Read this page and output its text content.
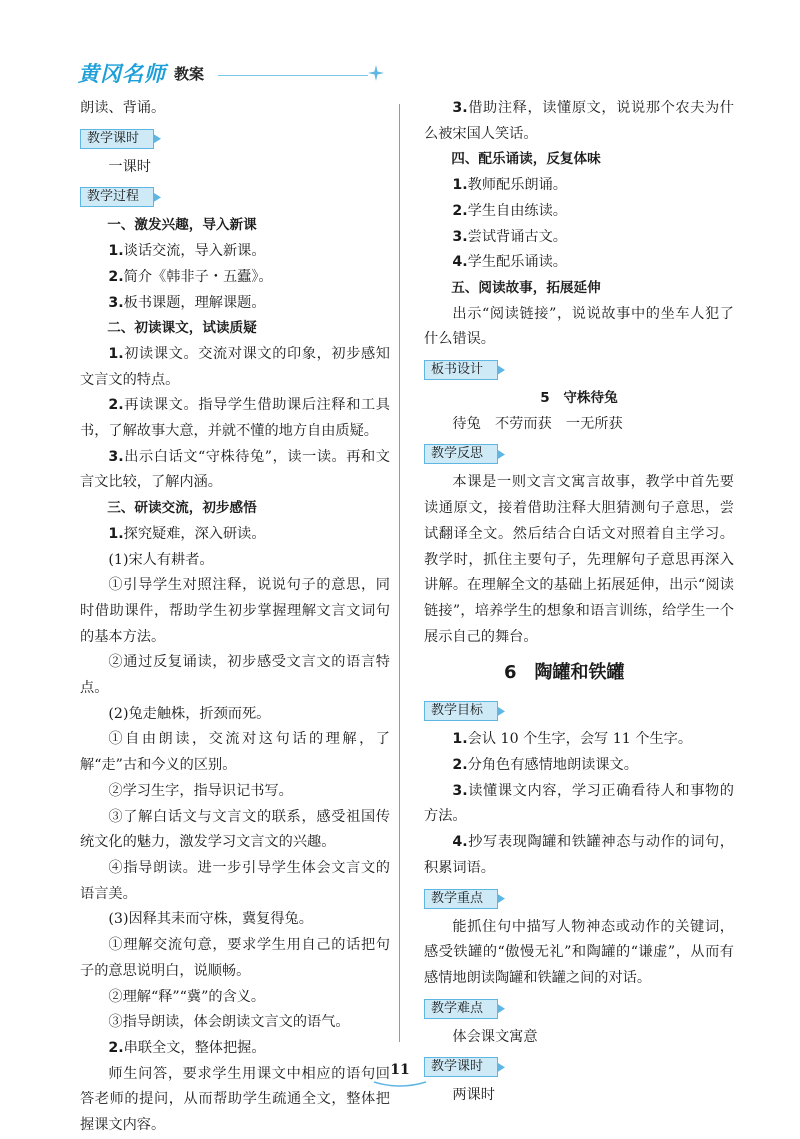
黄冈名师 教案

朗读、背诵。

教学课时

一课时

教学过程

一、激发兴趣，导入新课

1.谈话交流，导入新课。

2.简介《韩非子・五蠹》。

3.板书课题，理解课题。

二、初读课文，试读质疑

1.初读课文。交流对课文的印象，初步感知文言文的特点。

2.再读课文。指导学生借助课后注释和工具书，了解故事大意，并就不懂的地方自由质疑。

3.出示白话文“守株待兔”，读一读。再和文言文比较，了解内涵。

三、研读交流，初步感悟

1.探究疑难，深入研读。

(1)宋人有耕者。

①引导学生对照注释，说说句子的意思，同时借助课件，帮助学生初步掌握理解文言文词句的基本方法。

②通过反复诵读，初步感受文言文的语言特点。

(2)兔走触株，折颈而死。

①自由朗读，交流对这句话的理解，了解“走”古和今义的区别。

②学习生字，指导识记书写。

③了解白话文与文言文的联系，感受祖国传统文化的魅力，激发学习文言文的兴趣。

④指导朗读。进一步引导学生体会文言文的语言美。

(3)因释其耒而守株，冀复得兔。

①理解交流句意，要求学生用自己的话把句子的意思说明白，说顺畅。

②理解“释”“冀”的含义。

③指导朗读，体会朗读文言文的语气。

2.串联全文，整体把握。

师生问答，要求学生用课文中相应的语句回答老师的提问，从而帮助学生疏通全文，整体把握课文内容。

3.借助注释，读懂原文，说说那个农夫为什么被宋国人笑话。

四、配乐诵读，反复体味

1.教师配乐朗诵。

2.学生自由练读。

3.尝试背诵古文。

4.学生配乐诵读。

五、阅读故事，拓展延伸

出示“阅读链接”，说说故事中的坐车人犯了什么错误。

板书设计

5　 守株待兔

待兔　不劳而获　一无所获

教学反思

本课是一则文言文寓言故事，教学中首先要读通原文，接着借助注释大胆猜测句子意思，尝试翻译全文。然后结合白话文对照着自主学习。教学时，抓住主要句子，先理解句子意思再深入讲解。在理解全文的基础上拓展延伸，出示“阅读链接”，培养学生的想象和语言训练，给学生一个展示自己的舞台。

6 陶罐和铁罐
教学目标

1.会认 10 个生字，会写 11 个生字。

2.分角色有感情地朗读课文。

3.读懂课文内容，学习正确看待人和事物的方法。

4.抄写表现陶罐和铁罐神态与动作的词句，积累词语。

教学重点

能抓住句中描写人物神态或动作的关键词，感受铁罐的“傲慢无礼”和陶罐的“谦虚”，从而有感情地朗读陶罐和铁罐之间的对话。

教学难点

体会课文寓意

教学课时

两课时

11
